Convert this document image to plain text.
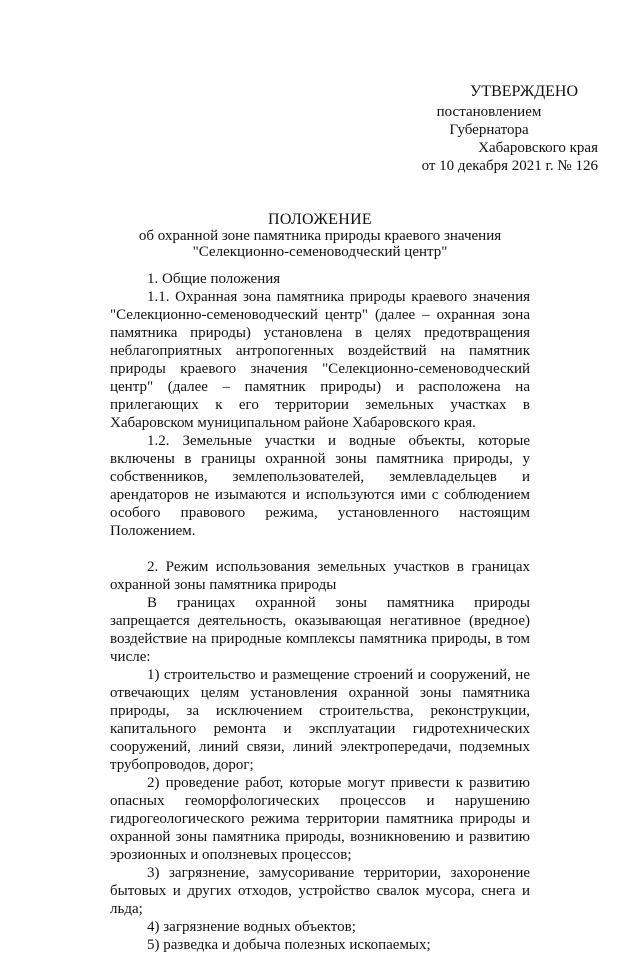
УТВЕРЖДЕНО
постановлением
Губернатора
Хабаровского края
от 10 декабря 2021 г. № 126
ПОЛОЖЕНИЕ
об охранной зоне памятника природы краевого значения
"Селекционно-семеноводческий центр"

1. Общие положения

1.1. Охранная зона памятника природы краевого значения "Селекционно-семеноводческий центр" (далее – охранная зона памятника природы) установлена в целях предотвращения неблагоприятных антропогенных воздействий на памятник природы краевого значения "Селекционно-семеноводческий центр" (далее – памятник природы) и расположена на прилегающих к его территории земельных участках в Хабаровском муниципальном районе Хабаровского края.

1.2. Земельные участки и водные объекты, которые включены в границы охранной зоны памятника природы, у собственников, землепользователей, землевладельцев и арендаторов не изымаются и используются ими с соблюдением особого правового режима, установленного настоящим Положением.

2. Режим использования земельных участков в границах охранной зоны памятника природы

В границах охранной зоны памятника природы запрещается деятельность, оказывающая негативное (вредное) воздействие на природные комплексы памятника природы, в том числе:

1) строительство и размещение строений и сооружений, не отвечающих целям установления охранной зоны памятника природы, за исключением строительства, реконструкции, капитального ремонта и эксплуатации гидротехнических сооружений, линий связи, линий электропередачи, подземных трубопроводов, дорог;

2) проведение работ, которые могут привести к развитию опасных геоморфологических процессов и нарушению гидрогеологического режима территории памятника природы и охранной зоны памятника природы, возникновению и развитию эрозионных и оползневых процессов;

3) загрязнение, замусоривание территории, захоронение бытовых и других отходов, устройство свалок мусора, снега и льда;

4) загрязнение водных объектов;

5) разведка и добыча полезных ископаемых;
